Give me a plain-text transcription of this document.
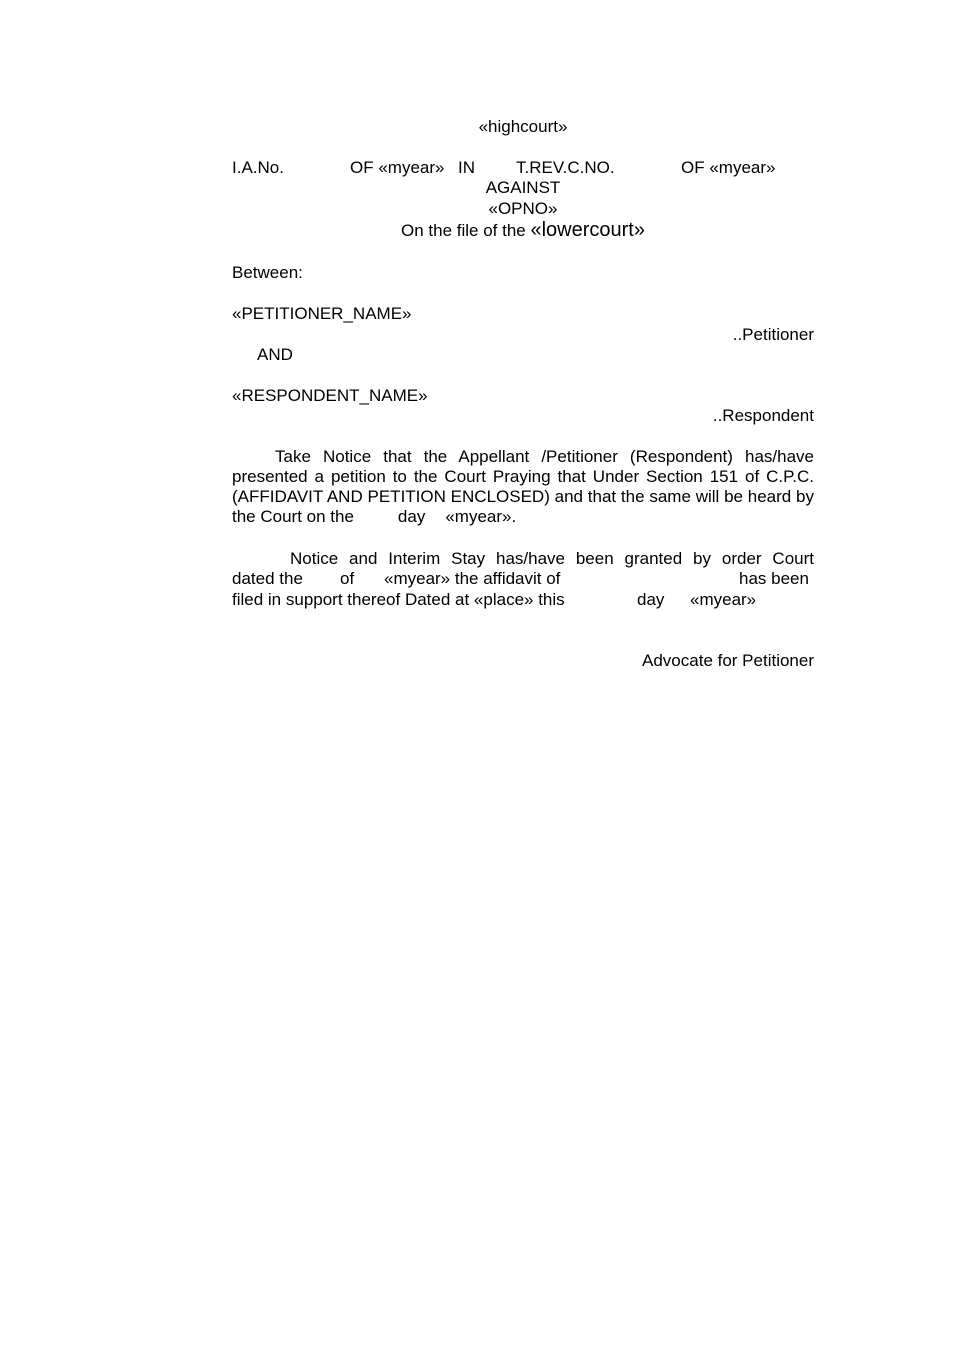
«highcourt»
I.A.No.	OF «myear» IN T.REV.C.NO.	OF «myear»
AGAINST
«OPNO»
On the file of the «lowercourt»
Between:
«PETITIONER_NAME»
..Petitioner
AND
«RESPONDENT_NAME»
..Respondent
Take Notice that the Appellant /Petitioner (Respondent) has/have presented a petition to the Court Praying that Under Section 151 of C.P.C. (AFFIDAVIT AND PETITION ENCLOSED) and that the same will be heard by the Court on the	day «myear».
Notice and Interim Stay has/have been granted by order Court
dated the of «myear» the affidavit of	has been
filed in support thereof Dated at «place» this	day «myear»
Advocate for Petitioner
